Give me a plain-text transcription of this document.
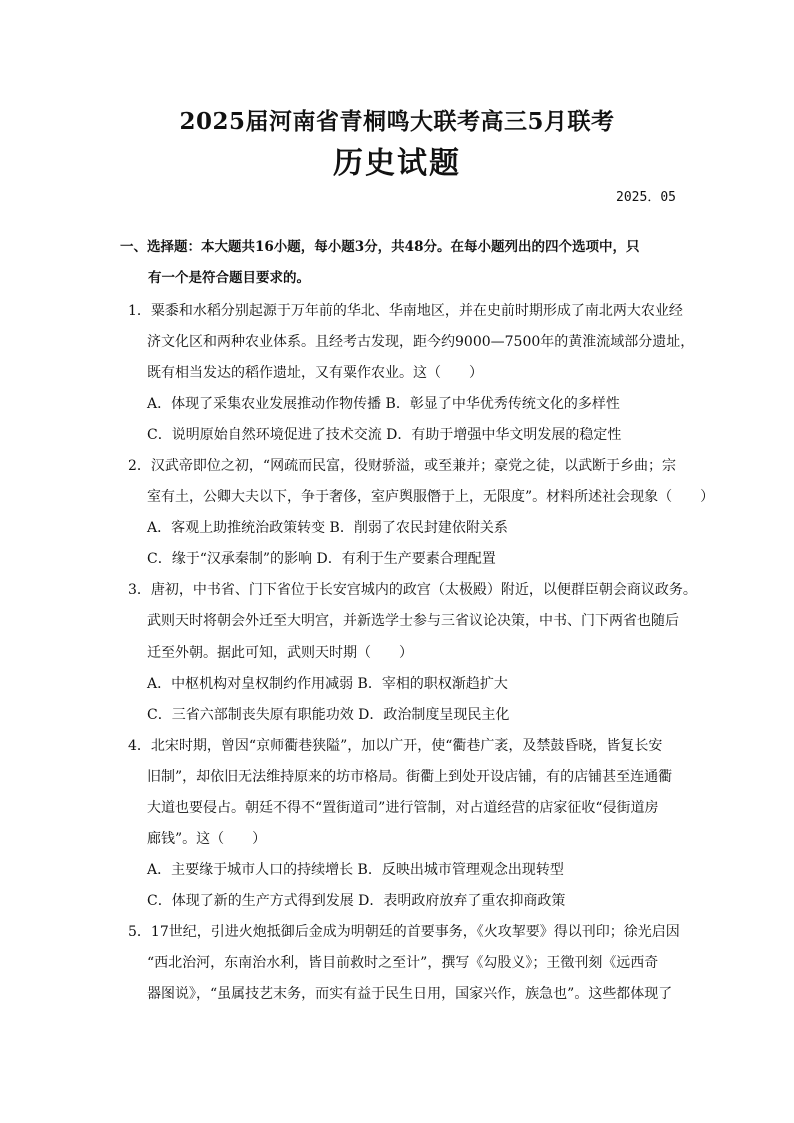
2025届河南省青桐鸣大联考高三5月联考
历史试题
2025．05
一、选择题：本大题共16小题，每小题3分，共48分。在每小题列出的四个选项中，只
有一个是符合题目要求的。
1．粟黍和水稻分别起源于万年前的华北、华南地区，并在史前时期形成了南北两大农业经
济文化区和两种农业体系。且经考古发现，距今约9000—7500年的黄淮流域部分遗址，
既有相当发达的稻作遗址，又有粟作农业。这（　　）
A．体现了采集农业发展推动作物传播 B．彰显了中华优秀传统文化的多样性
C．说明原始自然环境促进了技术交流 D．有助于增强中华文明发展的稳定性
2．汉武帝即位之初，“网疏而民富，役财骄溢，或至兼并；豪党之徒，以武断于乡曲；宗
室有土，公卿大夫以下，争于奢侈，室庐舆服僭于上，无限度”。材料所述社会现象（　　）
A．客观上助推统治政策转变 B．削弱了农民封建依附关系
C．缘于“汉承秦制”的影响 D．有利于生产要素合理配置
3．唐初，中书省、门下省位于长安宫城内的政宫（太极殿）附近，以便群臣朝会商议政务。
武则天时将朝会外迁至大明宫，并新选学士参与三省议论决策，中书、门下两省也随后
迁至外朝。据此可知，武则天时期（　　）
A．中枢机构对皇权制约作用减弱 B．宰相的职权渐趋扩大
C．三省六部制丧失原有职能功效 D．政治制度呈现民主化
4．北宋时期，曾因“京师衢巷狭隘”，加以广开，使“衢巷广袤，及禁鼓昏晓，皆复长安
旧制”，却依旧无法维持原来的坊市格局。街衢上到处开设店铺，有的店铺甚至连通衢
大道也要侵占。朝廷不得不“置街道司”进行管制，对占道经营的店家征收“侵街道房
廊钱”。这（　　）
A．主要缘于城市人口的持续增长 B．反映出城市管理观念出现转型
C．体现了新的生产方式得到发展 D．表明政府放弃了重农抑商政策
5．17世纪，引进火炮抵御后金成为明朝廷的首要事务，《火攻挈要》得以刊印；徐光启因
“西北治河，东南治水利，皆目前救时之至计”，撰写《勾股义》；王徵刊刻《远西奇
器图说》，“虽属技艺末务，而实有益于民生日用，国家兴作，族急也”。这些都体现了
